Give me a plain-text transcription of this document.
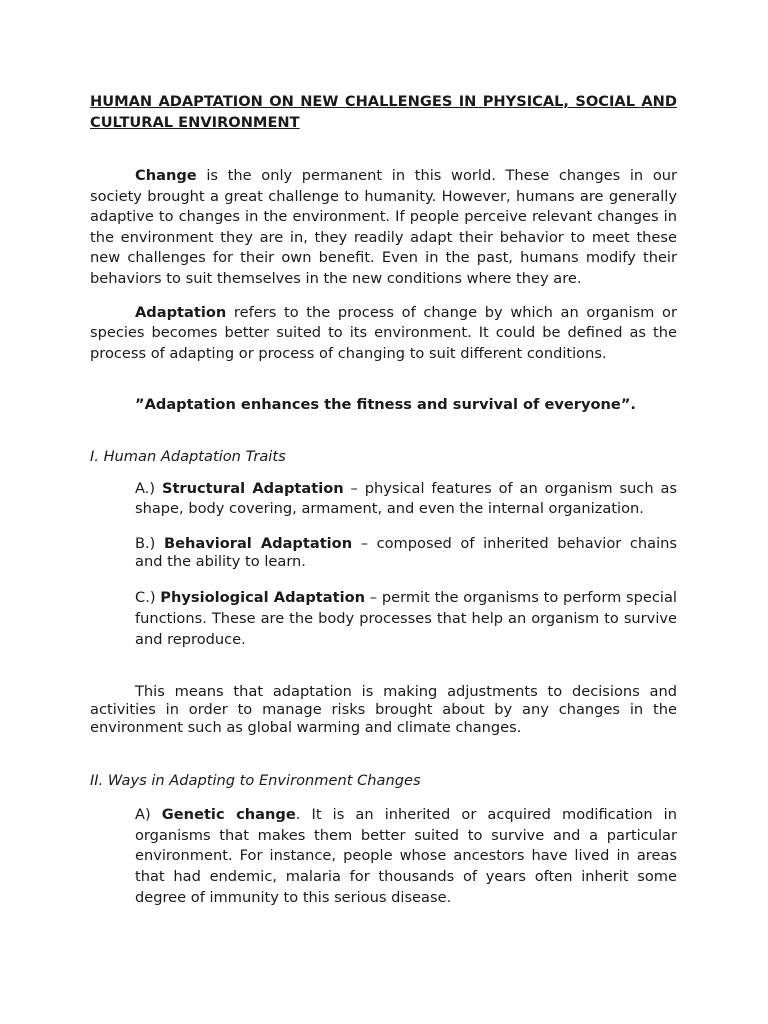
HUMAN ADAPTATION ON NEW CHALLENGES IN PHYSICAL, SOCIAL AND CULTURAL ENVIRONMENT

Change is the only permanent in this world. These changes in our society brought a great challenge to humanity. However, humans are generally adaptive to changes in the environment. If people perceive relevant changes in the environment they are in, they readily adapt their behavior to meet these new challenges for their own benefit. Even in the past, humans modify their behaviors to suit themselves in the new conditions where they are.

Adaptation refers to the process of change by which an organism or species becomes better suited to its environment. It could be defined as the process of adapting or process of changing to suit different conditions.

”Adaptation enhances the fitness and survival of everyone”.

I. Human Adaptation Traits

A.) Structural Adaptation – physical features of an organism such as shape, body covering, armament, and even the internal organization.

B.) Behavioral Adaptation – composed of inherited behavior chains and the ability to learn.

C.) Physiological Adaptation – permit the organisms to perform special functions. These are the body processes that help an organism to survive and reproduce.

This means that adaptation is making adjustments to decisions and activities in order to manage risks brought about by any changes in the environment such as global warming and climate changes.

II. Ways in Adapting to Environment Changes

A) Genetic change. It is an inherited or acquired modification in organisms that makes them better suited to survive and a particular environment. For instance, people whose ancestors have lived in areas that had endemic, malaria for thousands of years often inherit some degree of immunity to this serious disease.
